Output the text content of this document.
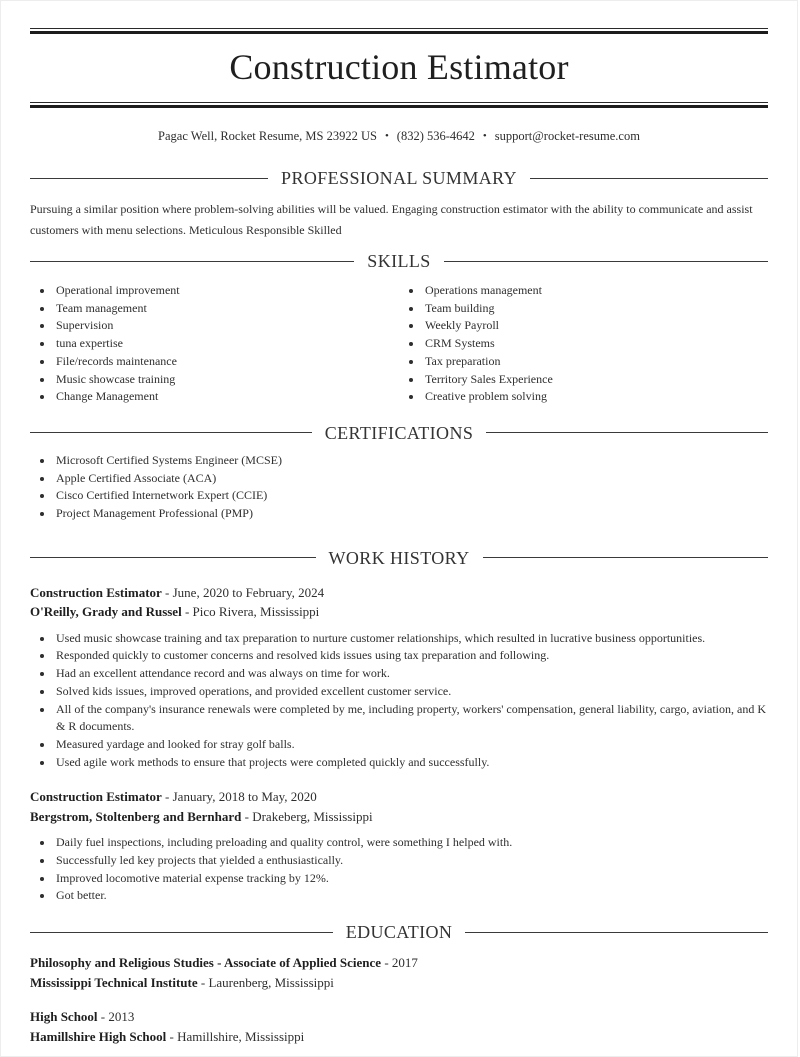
Construction Estimator

Pagac Well, Rocket Resume, MS 23922 US • (832) 536-4642 • support@rocket-resume.com

PROFESSIONAL SUMMARY

Pursuing a similar position where problem-solving abilities will be valued. Engaging construction estimator with the ability to communicate and assist customers with menu selections. Meticulous Responsible Skilled

SKILLS
• Operational improvement
• Team management
• Supervision
• tuna expertise
• File/records maintenance
• Music showcase training
• Change Management
• Operations management
• Team building
• Weekly Payroll
• CRM Systems
• Tax preparation
• Territory Sales Experience
• Creative problem solving
CERTIFICATIONS
• Microsoft Certified Systems Engineer (MCSE)
• Apple Certified Associate (ACA)
• Cisco Certified Internetwork Expert (CCIE)
• Project Management Professional (PMP)
WORK HISTORY

Construction Estimator - June, 2020 to February, 2024

O'Reilly, Grady and Russel - Pico Rivera, Mississippi

• Used music showcase training and tax preparation to nurture customer relationships, which resulted in lucrative business opportunities.
• Responded quickly to customer concerns and resolved kids issues using tax preparation and following.
• Had an excellent attendance record and was always on time for work.
• Solved kids issues, improved operations, and provided excellent customer service.
• All of the company's insurance renewals were completed by me, including property, workers' compensation, general liability, cargo, aviation, and K & R documents.
• Measured yardage and looked for stray golf balls.
• Used agile work methods to ensure that projects were completed quickly and successfully.

Construction Estimator - January, 2018 to May, 2020

Bergstrom, Stoltenberg and Bernhard - Drakeberg, Mississippi

• Daily fuel inspections, including preloading and quality control, were something I helped with.
• Successfully led key projects that yielded a enthusiastically.
• Improved locomotive material expense tracking by 12%.
• Got better.
EDUCATION

Philosophy and Religious Studies - Associate of Applied Science - 2017

Mississippi Technical Institute - Laurenberg, Mississippi

High School - 2013

Hamillshire High School - Hamillshire, Mississippi
